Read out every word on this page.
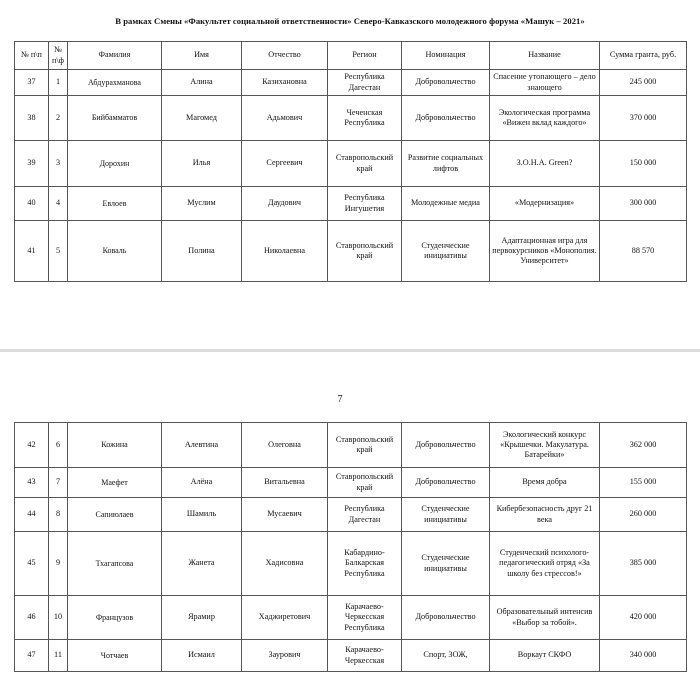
В рамках Смены «Факультет социальной ответственности» Северо-Кавказского молодежного форума «Машук – 2021»
№ п\п	№ п\ф	Фамилия	Имя	Отчество	Регион	Номинация	Название	Сумма гранта, руб.
37	1	Абдурахманова	Алина	Казихановна	Республика Дагестан	Добровольчество	Спасение утопающего – дело знающего	245 000
38	2	Бийбамматов	Магомед	Адьмович	Чеченская Республика	Добровольчество	Экологическая программа «Вижен вклад каждого»	370 000
39	3	Дорохин	Илья	Сергеевич	Ставропольский край	Развитие социальных лифтов	З.О.Н.А. Green?	150 000
40	4	Евлоев	Муслим	Даудович	Республика Ингушетия	Молодежные медиа	«Модернизация»	300 000
41	5	Коваль	Полина	Николаевна	Ставропольский край	Студенческие инициативы	Адаптационная игра для первокурсников «Монополия. Университет»	88 570
7
42	6	Кожина	Алевтина	Олеговна	Ставропольский край	Добровольчество	Экологический конкурс «Крышечки. Макулатура. Батарейки»	362 000
43	7	Маефет	Алёна	Витальевна	Ставропольский край	Добровольчество	Время добра	155 000
44	8	Сапиюлаев	Шамиль	Мусаевич	Республика Дагестан	Студенческие инициативы	Кибербезопасность друг 21 века	260 000
45	9	Тхагапсова	Жанета	Хадисовна	Кабардино-Балкарская Республика	Студенческие инициативы	Студенческий психолого-педагогический отряд «За школу без стрессов!»	385 000
46	10	Французов	Ярамир	Хаджиретович	Карачаево-Черкесская Республика	Добровольчество	Образовательный интенсив «Выбор за тобой».	420 000
47	11	Чотчаев	Исмаил	Заурович	Карачаево-Черкесская	Спорт, ЗОЖ,	Воркаут СКФО	340 000
